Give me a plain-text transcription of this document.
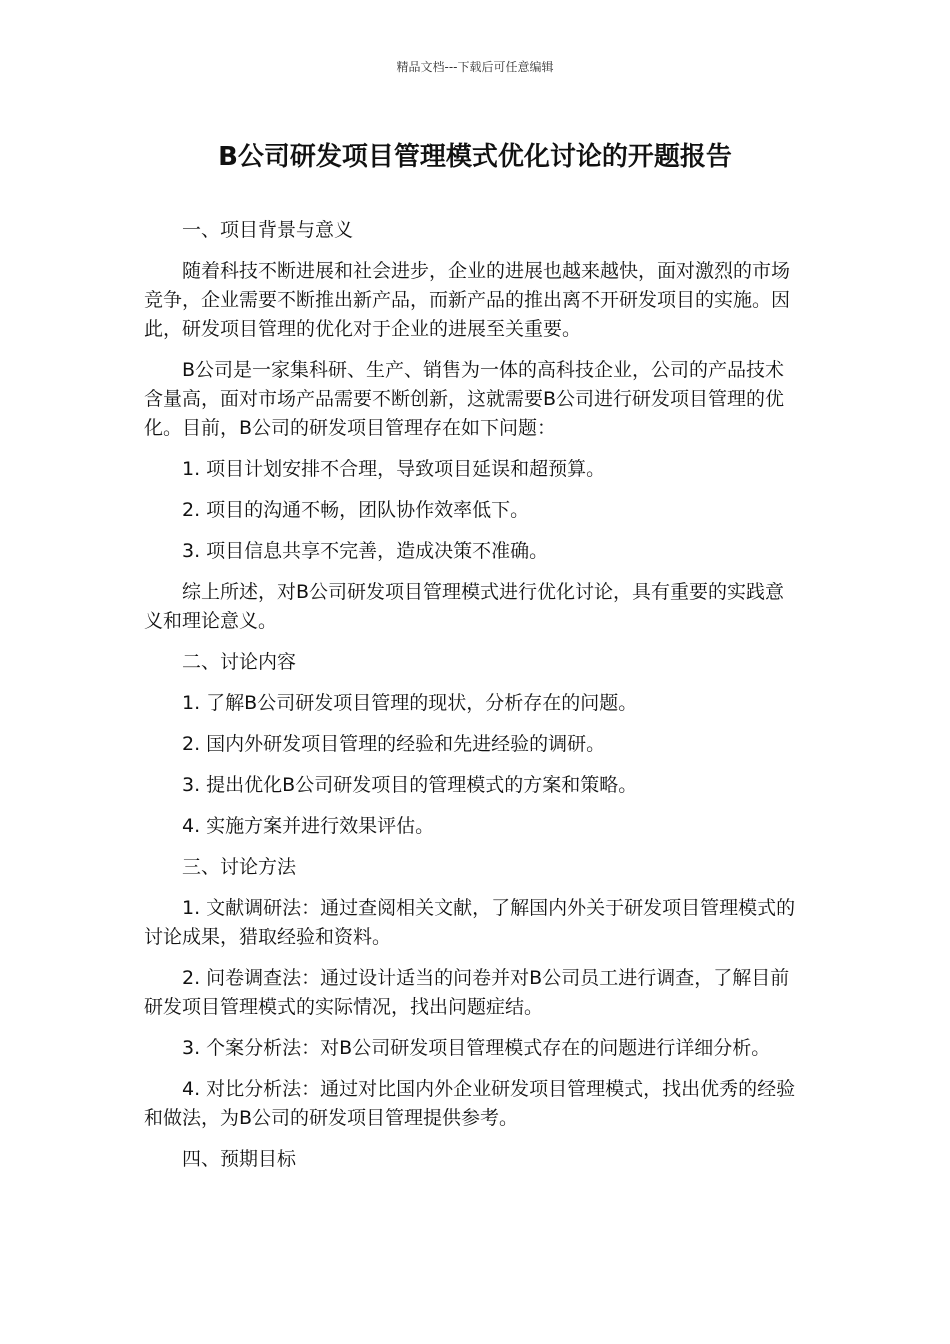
精品文档---下载后可任意编辑
B公司研发项目管理模式优化讨论的开题报告

一、项目背景与意义

随着科技不断进展和社会进步，企业的进展也越来越快，面对激烈的市场竞争，企业需要不断推出新产品，而新产品的推出离不开研发项目的实施。因此，研发项目管理的优化对于企业的进展至关重要。

B公司是一家集科研、生产、销售为一体的高科技企业，公司的产品技术含量高，面对市场产品需要不断创新，这就需要B公司进行研发项目管理的优化。目前，B公司的研发项目管理存在如下问题：

1. 项目计划安排不合理，导致项目延误和超预算。

2. 项目的沟通不畅，团队协作效率低下。

3. 项目信息共享不完善，造成决策不准确。

综上所述，对B公司研发项目管理模式进行优化讨论，具有重要的实践意义和理论意义。

二、讨论内容

1. 了解B公司研发项目管理的现状，分析存在的问题。

2. 国内外研发项目管理的经验和先进经验的调研。

3. 提出优化B公司研发项目的管理模式的方案和策略。

4. 实施方案并进行效果评估。

三、讨论方法

1. 文献调研法：通过查阅相关文献，了解国内外关于研发项目管理模式的讨论成果，猎取经验和资料。

2. 问卷调查法：通过设计适当的问卷并对B公司员工进行调查，了解目前研发项目管理模式的实际情况，找出问题症结。

3. 个案分析法：对B公司研发项目管理模式存在的问题进行详细分析。

4. 对比分析法：通过对比国内外企业研发项目管理模式，找出优秀的经验和做法，为B公司的研发项目管理提供参考。

四、预期目标
